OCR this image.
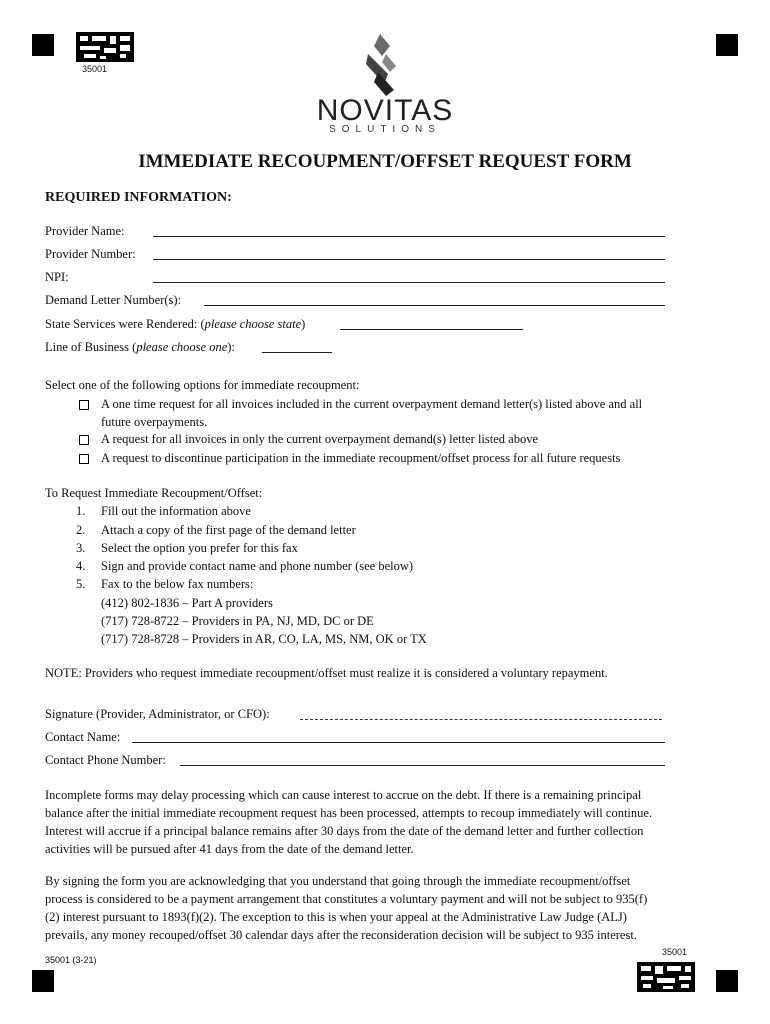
35001
35001
NOVITAS
SOLUTIONS
IMMEDIATE RECOUPMENT/OFFSET REQUEST FORM
REQUIRED INFORMATION:
Provider Name:
Provider Number:
NPI:
Demand Letter Number(s):
State Services were Rendered: (please choose state)
Line of Business (please choose one):
Select one of the following options for immediate recoupment:
A one time request for all invoices included in the current overpayment demand letter(s) listed above and all
future overpayments.
A request for all invoices in only the current overpayment demand(s) letter listed above
A request to discontinue participation in the immediate recoupment/offset process for all future requests
To Request Immediate Recoupment/Offset:
1. Fill out the information above
2. Attach a copy of the first page of the demand letter
3. Select the option you prefer for this fax
4. Sign and provide contact name and phone number (see below)
5. Fax to the below fax numbers:
(412) 802-1836 – Part A providers
(717) 728-8722 – Providers in PA, NJ, MD, DC or DE
(717) 728-8728 – Providers in AR, CO, LA, MS, NM, OK or TX
NOTE: Providers who request immediate recoupment/offset must realize it is considered a voluntary repayment.
Signature (Provider, Administrator, or CFO):
Contact Name:
Contact Phone Number:
Incomplete forms may delay processing which can cause interest to accrue on the debt. If there is a remaining principal
balance after the initial immediate recoupment request has been processed, attempts to recoup immediately will continue.
Interest will accrue if a principal balance remains after 30 days from the date of the demand letter and further collection
activities will be pursued after 41 days from the date of the demand letter.
By signing the form you are acknowledging that you understand that going through the immediate recoupment/offset
process is considered to be a payment arrangement that constitutes a voluntary payment and will not be subject to 935(f)
(2) interest pursuant to 1893(f)(2). The exception to this is when your appeal at the Administrative Law Judge (ALJ)
prevails, any money recouped/offset 30 calendar days after the reconsideration decision will be subject to 935 interest.
35001 (3-21)
